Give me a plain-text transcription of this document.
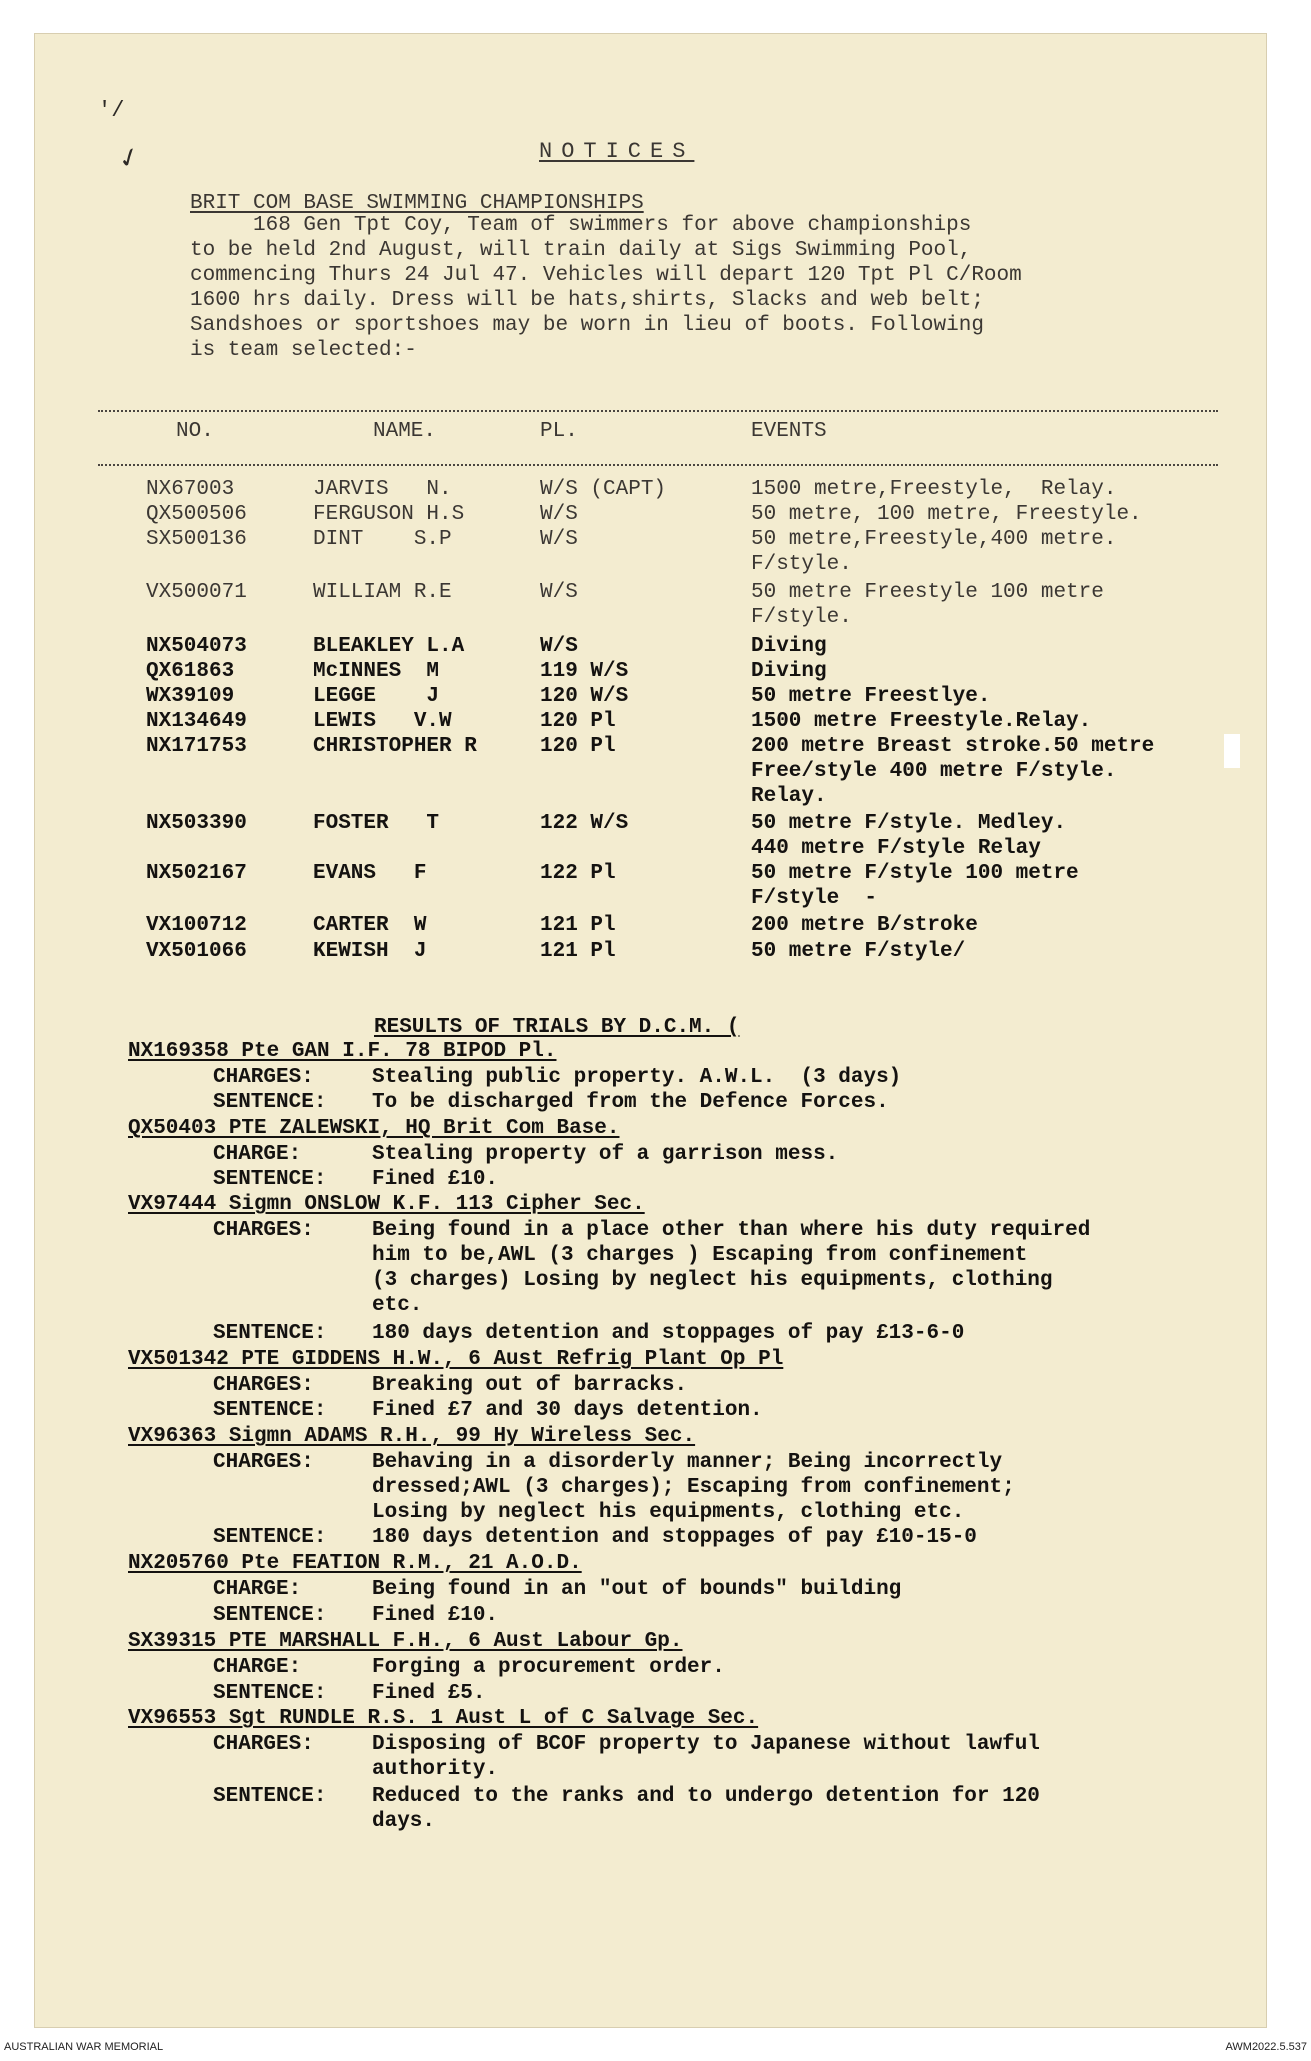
'/
✓	NOTICES
BRIT COM BASE SWIMMING CHAMPIONSHIPS
168 Gen Tpt Coy, Team of swimmers for above championships
to be held 2nd August, will train daily at Sigs Swimming Pool,
commencing Thurs 24 Jul 47. Vehicles will depart 120 Tpt Pl C/Room
1600 hrs daily. Dress will be hats,shirts, Slacks and web belt;
Sandshoes or sportshoes may be worn in lieu of boots. Following
is team selected:-
NO.	NAME.	PL.	EVENTS
NX67003	JARVIS   N.	W/S (CAPT)	1500 metre,Freestyle,  Relay.
QX500506	FERGUSON H.S	W/S	50 metre, 100 metre, Freestyle.
SX500136	DINT    S.P	W/S	50 metre,Freestyle,400 metre.
F/style.
VX500071	WILLIAM R.E	W/S	50 metre Freestyle 100 metre
F/style.
NX504073	BLEAKLEY L.A	W/S	Diving
QX61863	McINNES  M	119 W/S	Diving
WX39109	LEGGE    J	120 W/S	50 metre Freestlye.
NX134649	LEWIS   V.W	120 Pl	1500 metre Freestyle.Relay.
NX171753	CHRISTOPHER R	120 Pl	200 metre Breast stroke.50 metre
Free/style 400 metre F/style.
Relay.
NX503390	FOSTER   T	122 W/S	50 metre F/style. Medley.
440 metre F/style Relay
NX502167	EVANS   F	122 Pl	50 metre F/style 100 metre
F/style  -
VX100712	CARTER  W	121 Pl	200 metre B/stroke
VX501066	KEWISH  J	121 Pl	50 metre F/style/
RESULTS OF TRIALS BY D.C.M. (
NX169358 Pte GAN I.F. 78 BIPOD Pl.
CHARGES:	Stealing public property. A.W.L.  (3 days)
SENTENCE: To be discharged from the Defence Forces.
QX50403 PTE ZALEWSKI, HQ Brit Com Base.
CHARGE:	Stealing property of a garrison mess.
SENTENCE: Fined £10.
VX97444 Sigmn ONSLOW K.F. 113 Cipher Sec.
CHARGES:	Being found in a place other than where his duty required
him to be,AWL (3 charges ) Escaping from confinement
(3 charges) Losing by neglect his equipments, clothing
etc.
SENTENCE: 180 days detention and stoppages of pay £13-6-0
VX501342 PTE GIDDENS H.W., 6 Aust Refrig Plant Op Pl
CHARGES:	Breaking out of barracks.
SENTENCE: Fined £7 and 30 days detention.
VX96363 Sigmn ADAMS R.H., 99 Hy Wireless Sec.
CHARGES:	Behaving in a disorderly manner; Being incorrectly
dressed;AWL (3 charges); Escaping from confinement;
Losing by neglect his equipments, clothing etc.
SENTENCE: 180 days detention and stoppages of pay £10-15-0
NX205760 Pte FEATION R.M., 21 A.O.D.
CHARGE:	Being found in an "out of bounds" building
SENTENCE: Fined £10.
SX39315 PTE MARSHALL F.H., 6 Aust Labour Gp.
CHARGE:	Forging a procurement order.
SENTENCE: Fined £5.
VX96553 Sgt RUNDLE R.S. 1 Aust L of C Salvage Sec.
CHARGES:	Disposing of BCOF property to Japanese without lawful
authority.
SENTENCE: Reduced to the ranks and to undergo detention for 120
days.
AUSTRALIAN WAR MEMORIAL	AWM2022.5.537
